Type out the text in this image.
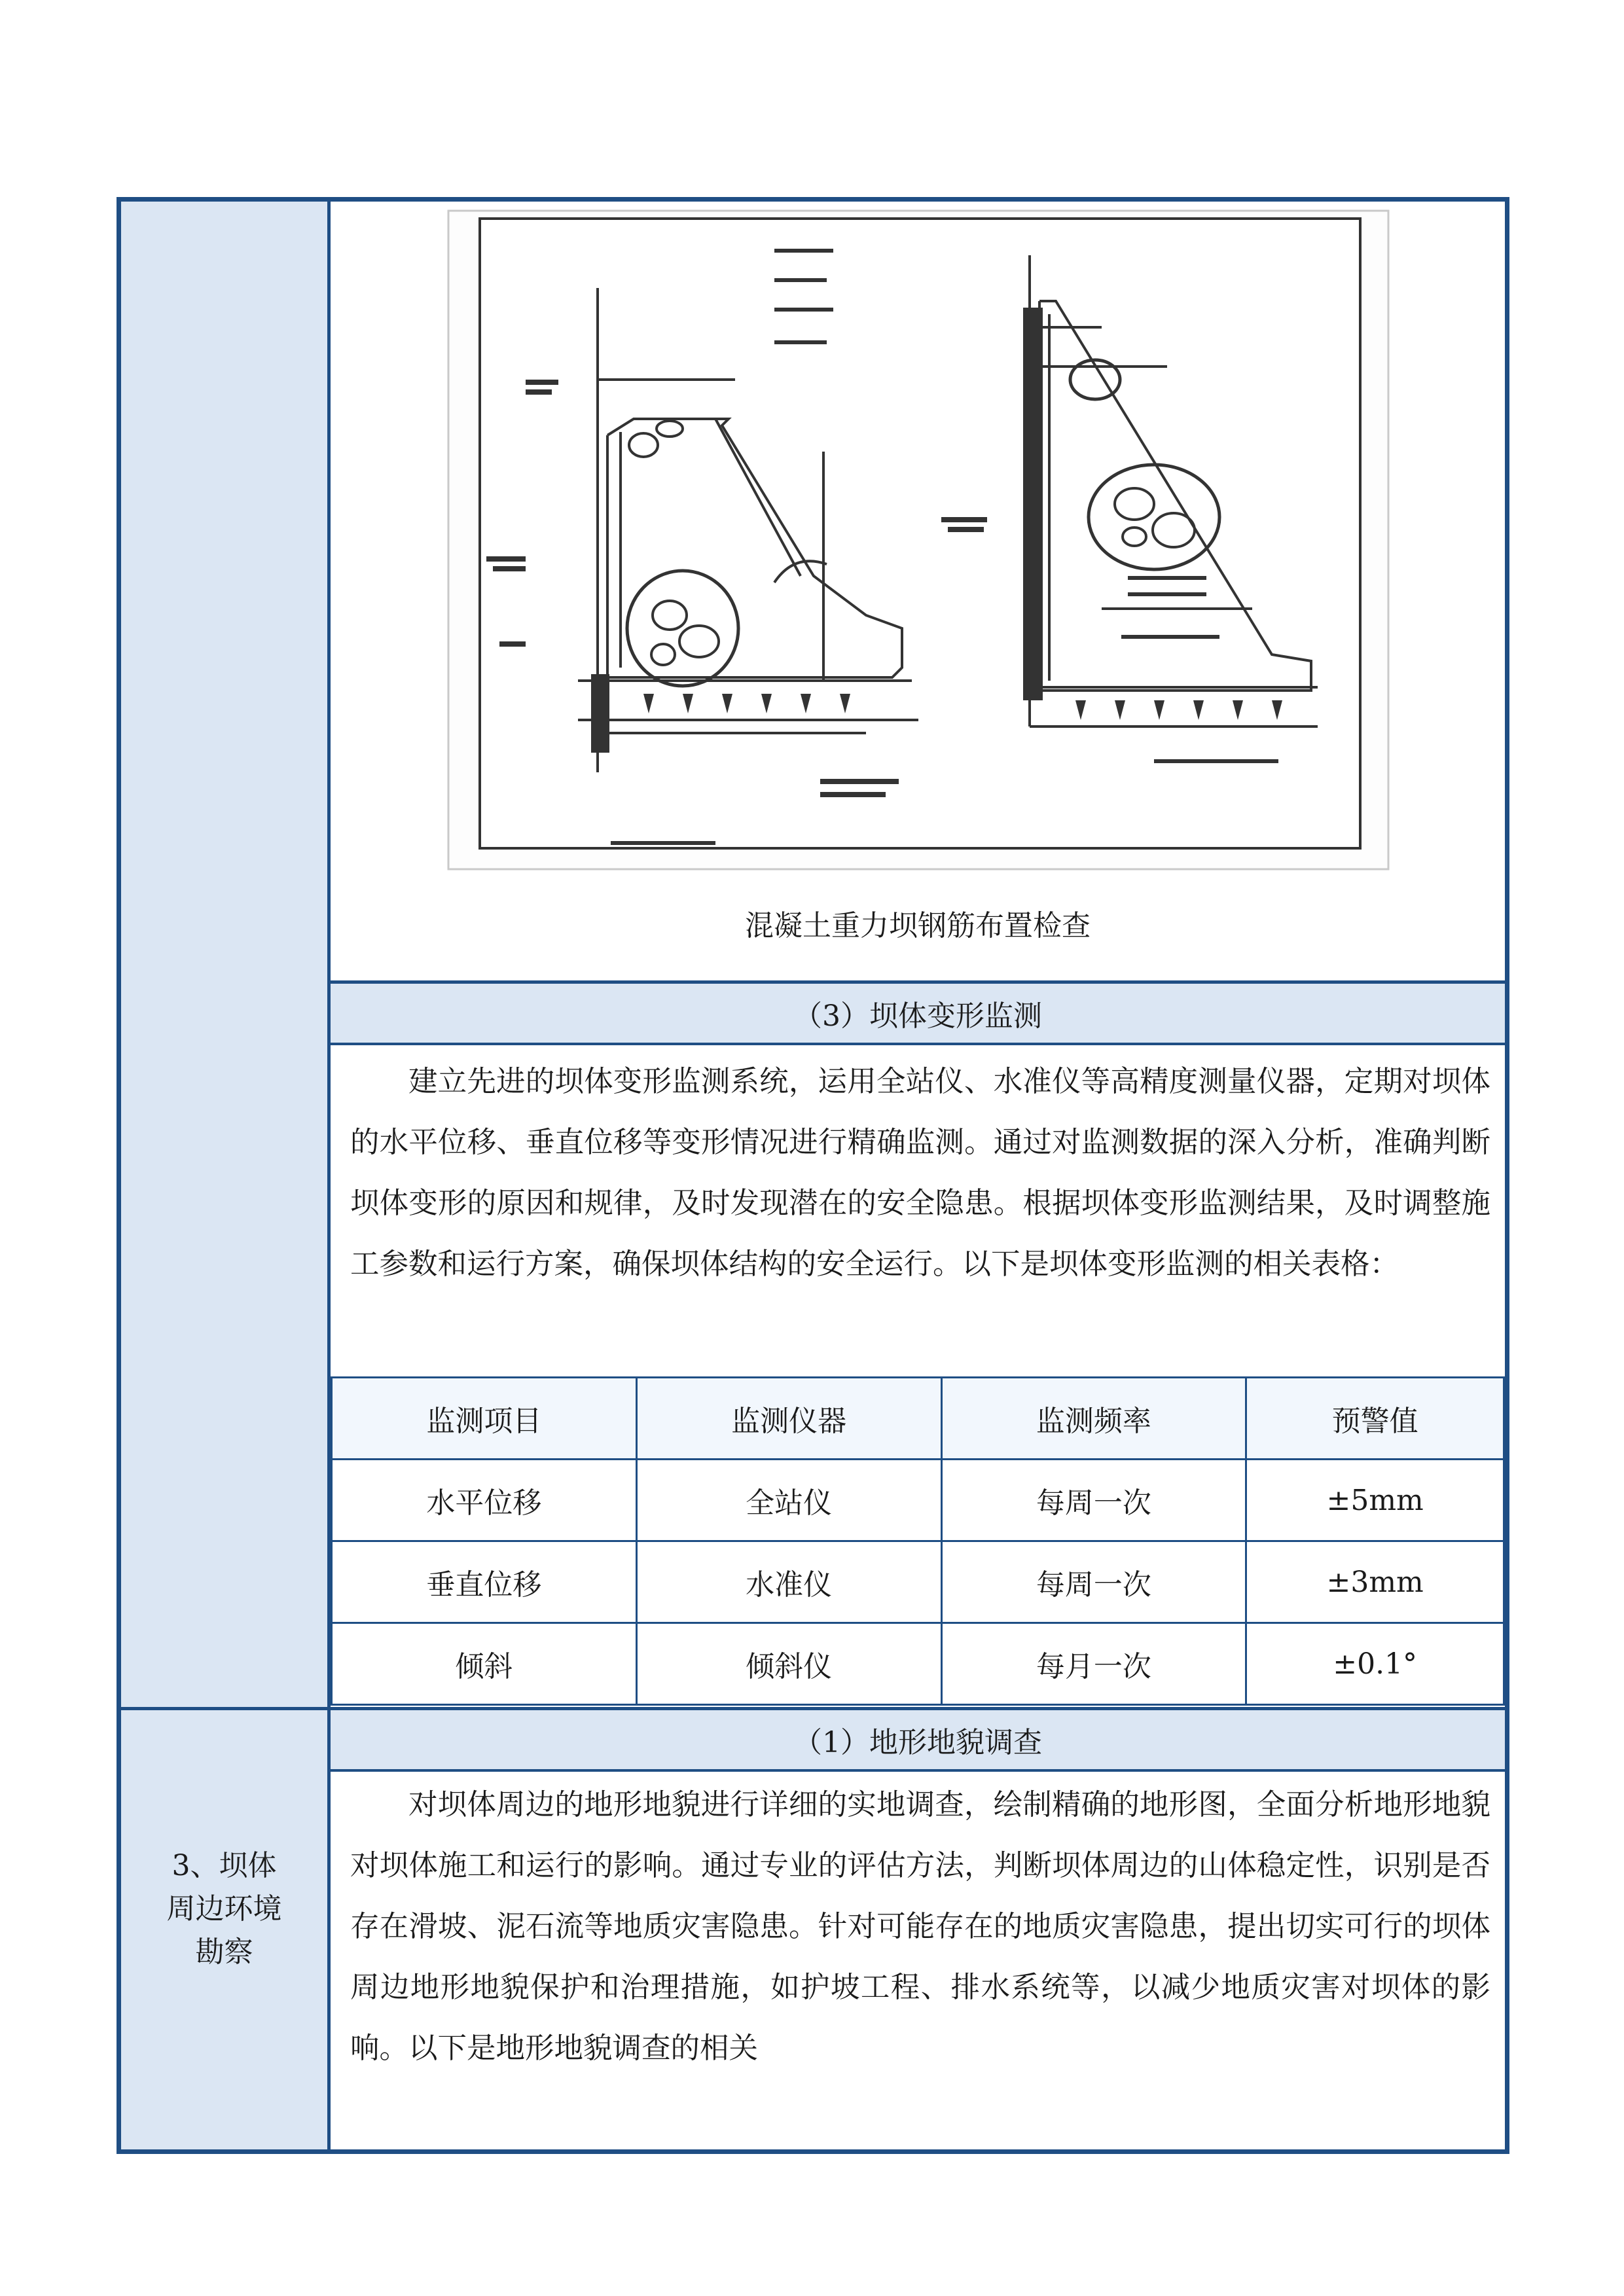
3、坝体周边环境勘察
混凝土重力坝钢筋布置检查
（3）坝体变形监测
建立先进的坝体变形监测系统，运用全站仪、水准仪等高精度测量仪器，定期对坝体的水平位移、垂直位移等变形情况进行精确监测。通过对监测数据的深入分析，准确判断坝体变形的原因和规律，及时发现潜在的安全隐患。根据坝体变形监测结果，及时调整施工参数和运行方案，确保坝体结构的安全运行。以下是坝体变形监测的相关表格：
监测项目	监测仪器	监测频率	预警值
水平位移	全站仪	每周一次	±5mm
垂直位移	水准仪	每周一次	±3mm
倾斜	倾斜仪	每月一次	±0.1°
（1）地形地貌调查
对坝体周边的地形地貌进行详细的实地调查，绘制精确的地形图，全面分析地形地貌对坝体施工和运行的影响。通过专业的评估方法，判断坝体周边的山体稳定性，识别是否存在滑坡、泥石流等地质灾害隐患。针对可能存在的地质灾害隐患，提出切实可行的坝体周边地形地貌保护和治理措施，如护坡工程、排水系统等，以减少地质灾害对坝体的影响。以下是地形地貌调查的相关
